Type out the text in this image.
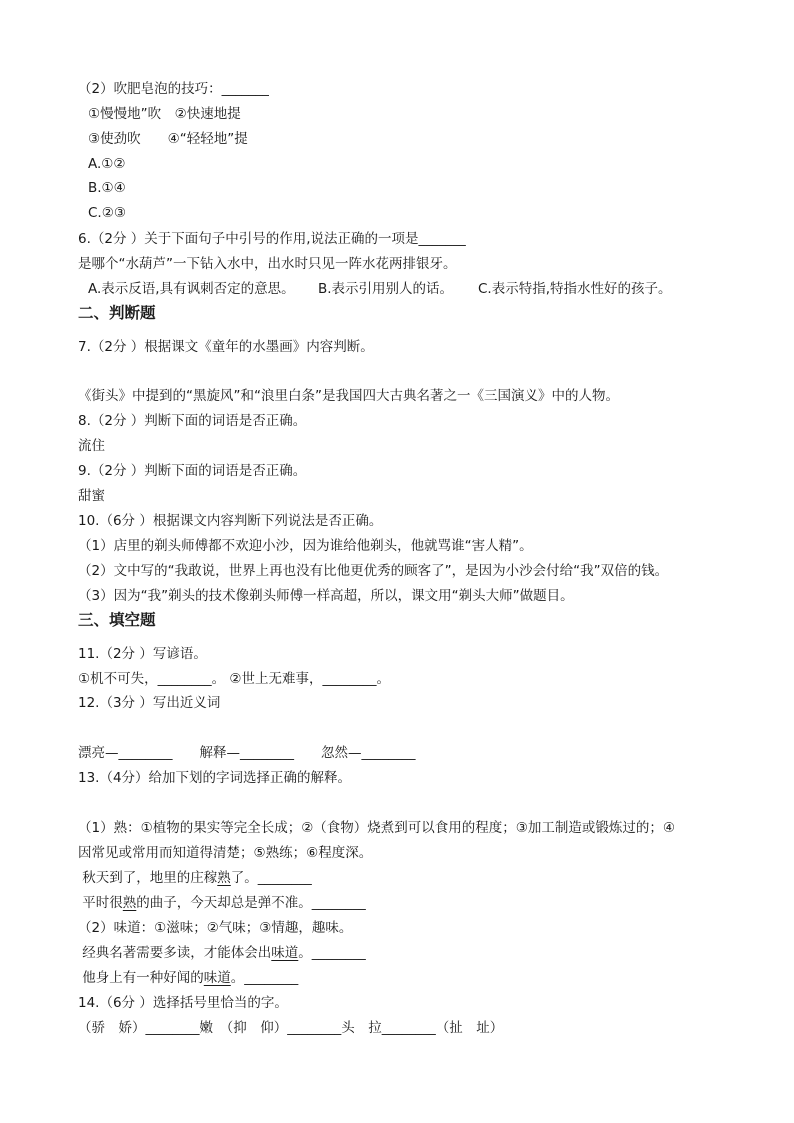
（2）吹肥皂泡的技巧：_______
①慢慢地”吹　②快速地提
③使劲吹　　④“轻轻地”提
A.①②
B.①④
C.②③
6.（2分 ）关于下面句子中引号的作用,说法正确的一项是_______
是哪个“水葫芦”一下钻入水中，出水时只见一阵水花两排银牙。
A.表示反语,具有讽刺否定的意思。 B.表示引用别人的话。 C.表示特指,特指水性好的孩子。
二、判断题
7.（2分 ）根据课文《童年的水墨画》内容判断。
《街头》中提到的“黑旋风”和“浪里白条”是我国四大古典名著之一《三国演义》中的人物。
8.（2分 ）判断下面的词语是否正确。
流住
9.（2分 ）判断下面的词语是否正确。
甜蜜
10.（6分 ）根据课文内容判断下列说法是否正确。
（1）店里的剃头师傅都不欢迎小沙，因为谁给他剃头，他就骂谁“害人精”。
（2）文中写的“我敢说，世界上再也没有比他更优秀的顾客了”，是因为小沙会付给“我”双倍的钱。
（3）因为“我”剃头的技术像剃头师傅一样高超，所以，课文用“剃头大师”做题目。
三、填空题
11.（2分 ）写谚语。
①机不可失，________。 ②世上无难事，________。
12.（3分 ）写出近义词
漂亮—________　　解释—________　　忽然—________
13.（4分）给加下划的字词选择正确的解释。
（1）熟：①植物的果实等完全长成；②（食物）烧煮到可以食用的程度；③加工制造或锻炼过的；④
因常见或常用而知道得清楚；⑤熟练；⑥程度深。
秋天到了，地里的庄稼熟了。________
平时很熟的曲子，今天却总是弹不准。________
（2）味道：①滋味；②气味；③情趣，趣味。
经典名著需要多读，才能体会出味道。________
他身上有一种好闻的味道。________
14.（6分 ）选择括号里恰当的字。
（骄　娇）________嫩　（抑　仰）________头　拉________（扯　址）
